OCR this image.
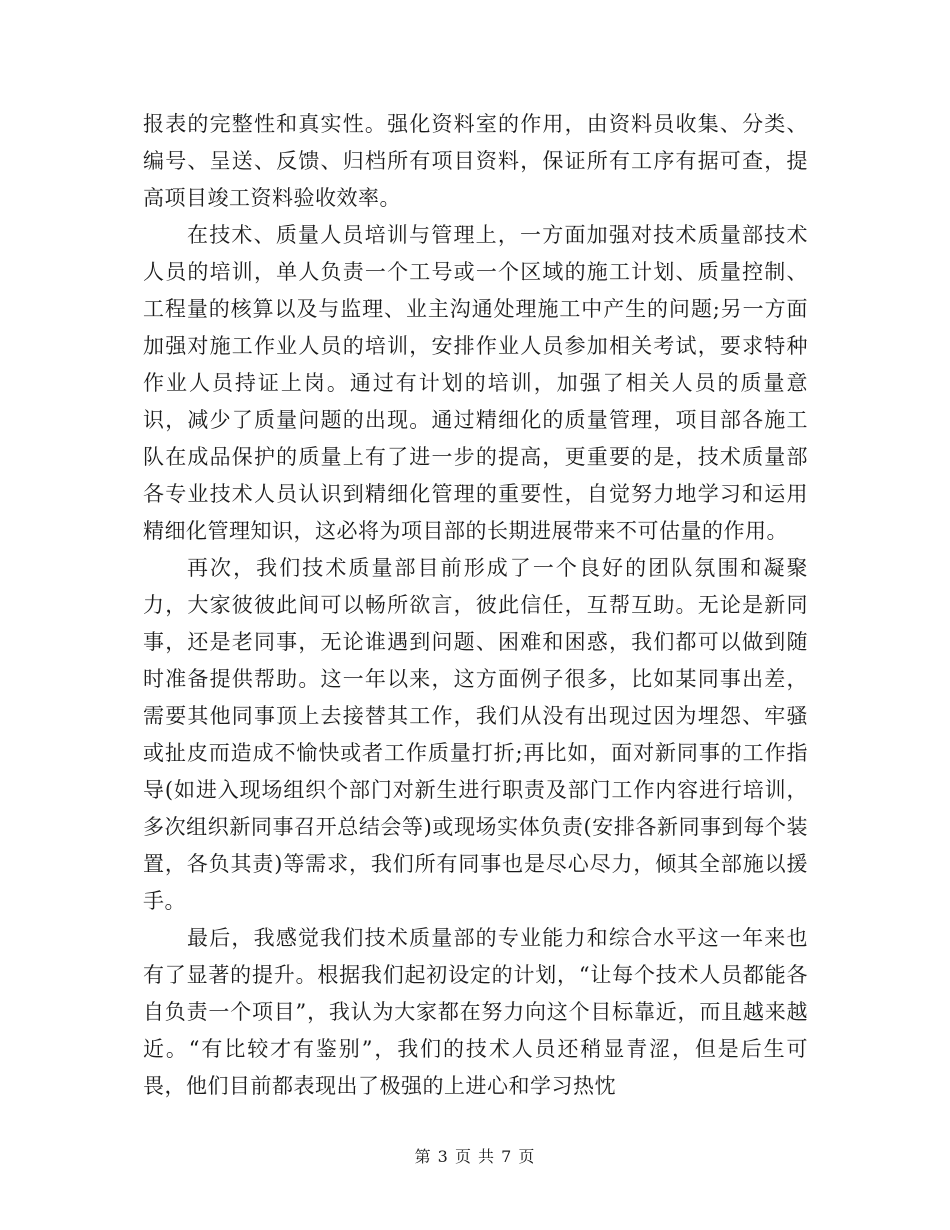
报表的完整性和真实性。强化资料室的作用，由资料员收集、分类、编号、呈送、反馈、归档所有项目资料，保证所有工序有据可查，提高项目竣工资料验收效率。

在技术、质量人员培训与管理上，一方面加强对技术质量部技术人员的培训，单人负责一个工号或一个区域的施工计划、质量控制、工程量的核算以及与监理、业主沟通处理施工中产生的问题;另一方面加强对施工作业人员的培训，安排作业人员参加相关考试，要求特种作业人员持证上岗。通过有计划的培训，加强了相关人员的质量意识，减少了质量问题的出现。通过精细化的质量管理，项目部各施工队在成品保护的质量上有了进一步的提高，更重要的是，技术质量部各专业技术人员认识到精细化管理的重要性，自觉努力地学习和运用精细化管理知识，这必将为项目部的长期进展带来不可估量的作用。

再次，我们技术质量部目前形成了一个良好的团队氛围和凝聚力，大家彼彼此间可以畅所欲言，彼此信任，互帮互助。无论是新同事，还是老同事，无论谁遇到问题、困难和困惑，我们都可以做到随时准备提供帮助。这一年以来，这方面例子很多，比如某同事出差，需要其他同事顶上去接替其工作，我们从没有出现过因为埋怨、牢骚或扯皮而造成不愉快或者工作质量打折;再比如，面对新同事的工作指导(如进入现场组织个部门对新生进行职责及部门工作内容进行培训，多次组织新同事召开总结会等)或现场实体负责(安排各新同事到每个装置，各负其责)等需求，我们所有同事也是尽心尽力，倾其全部施以援手。

最后，我感觉我们技术质量部的专业能力和综合水平这一年来也有了显著的提升。根据我们起初设定的计划，“让每个技术人员都能各自负责一个项目”，我认为大家都在努力向这个目标靠近，而且越来越近。“有比较才有鉴别”，我们的技术人员还稍显青涩，但是后生可畏，他们目前都表现出了极强的上进心和学习热忱

第 3 页 共 7 页
